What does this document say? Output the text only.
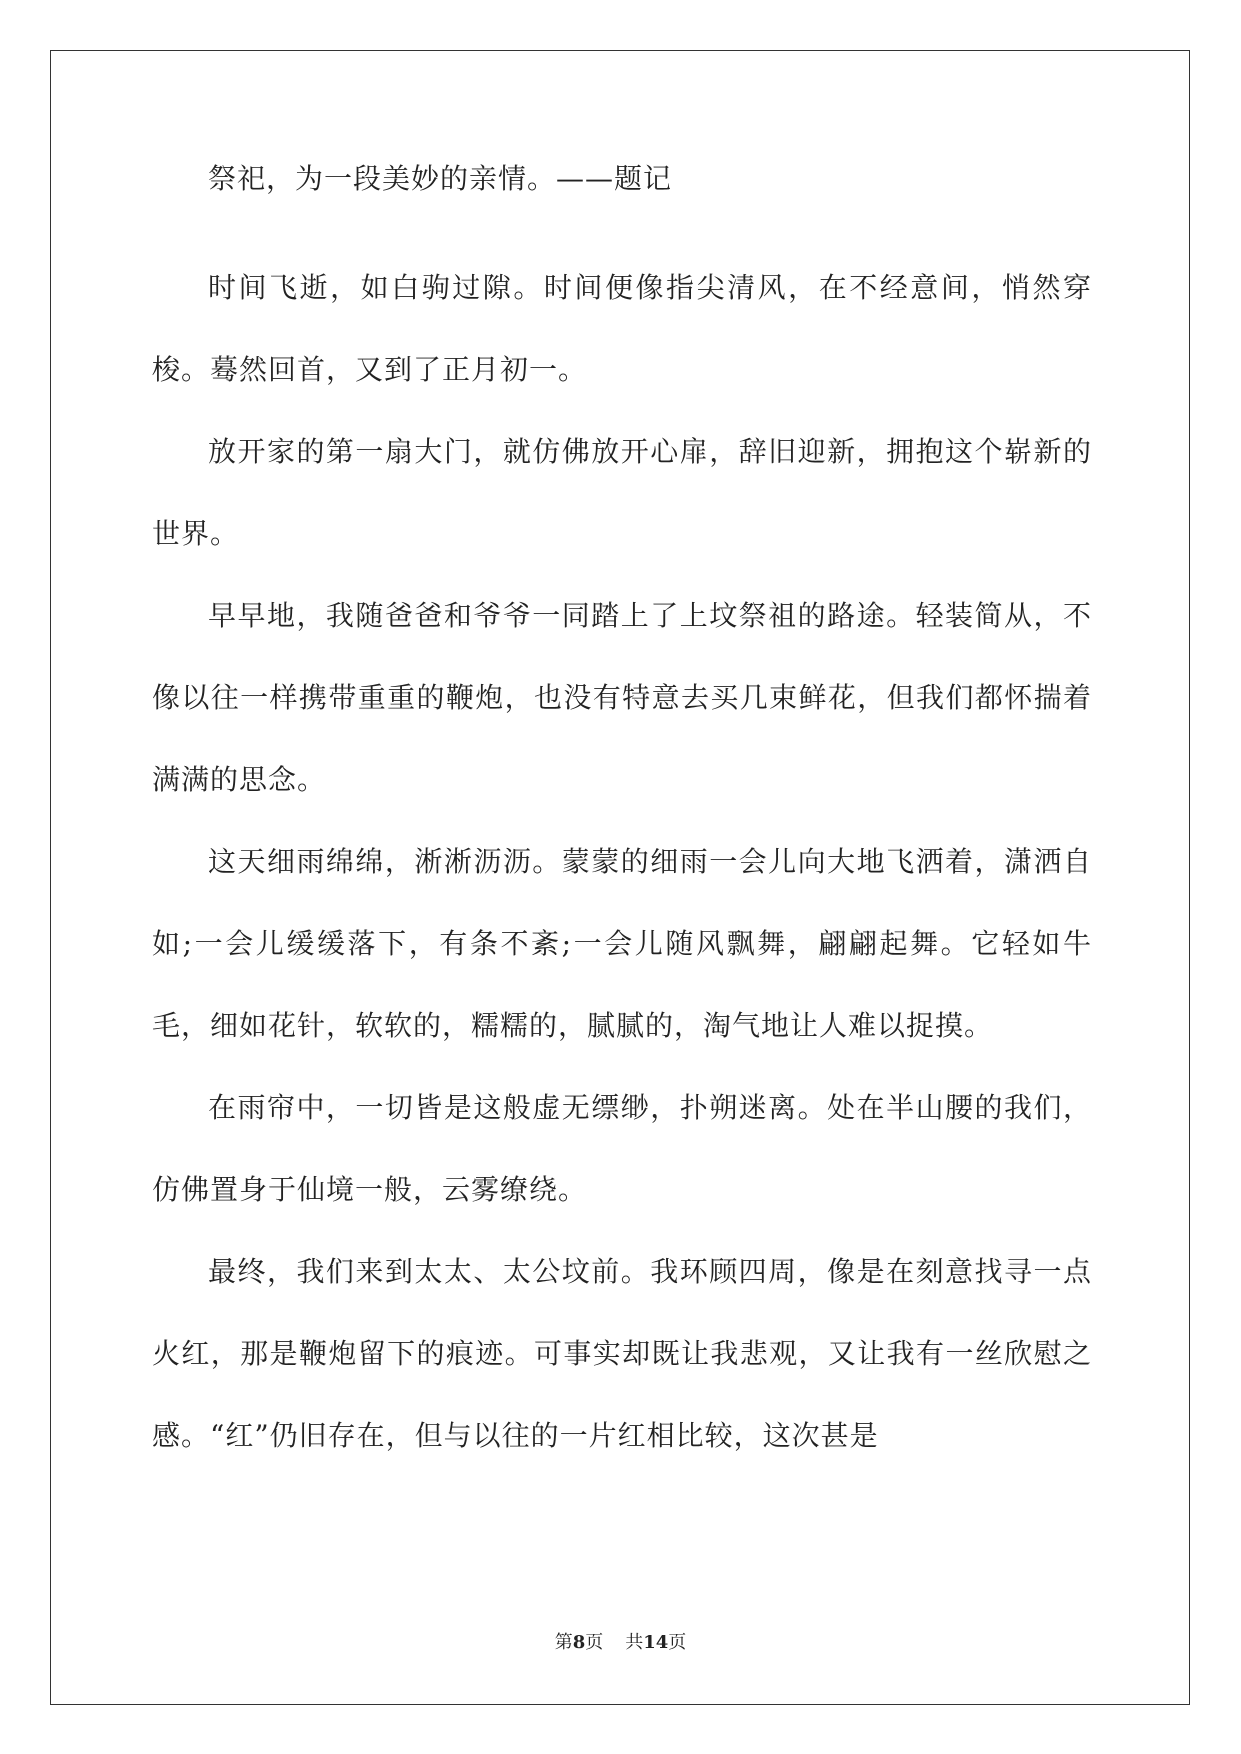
祭祀，为一段美妙的亲情。——题记

时间飞逝，如白驹过隙。时间便像指尖清风，在不经意间，悄然穿梭。蓦然回首，又到了正月初一。

放开家的第一扇大门，就仿佛放开心扉，辞旧迎新，拥抱这个崭新的世界。

早早地，我随爸爸和爷爷一同踏上了上坟祭祖的路途。轻装简从，不像以往一样携带重重的鞭炮，也没有特意去买几束鲜花，但我们都怀揣着满满的思念。

这天细雨绵绵，淅淅沥沥。蒙蒙的细雨一会儿向大地飞洒着，潇洒自如;一会儿缓缓落下，有条不紊;一会儿随风飘舞，翩翩起舞。它轻如牛毛，细如花针，软软的，糯糯的，腻腻的，淘气地让人难以捉摸。

在雨帘中，一切皆是这般虚无缥缈，扑朔迷离。处在半山腰的我们，仿佛置身于仙境一般，云雾缭绕。

最终，我们来到太太、太公坟前。我环顾四周，像是在刻意找寻一点火红，那是鞭炮留下的痕迹。可事实却既让我悲观，又让我有一丝欣慰之感。“红”仍旧存在，但与以往的一片红相比较，这次甚是

第8页 共14页
